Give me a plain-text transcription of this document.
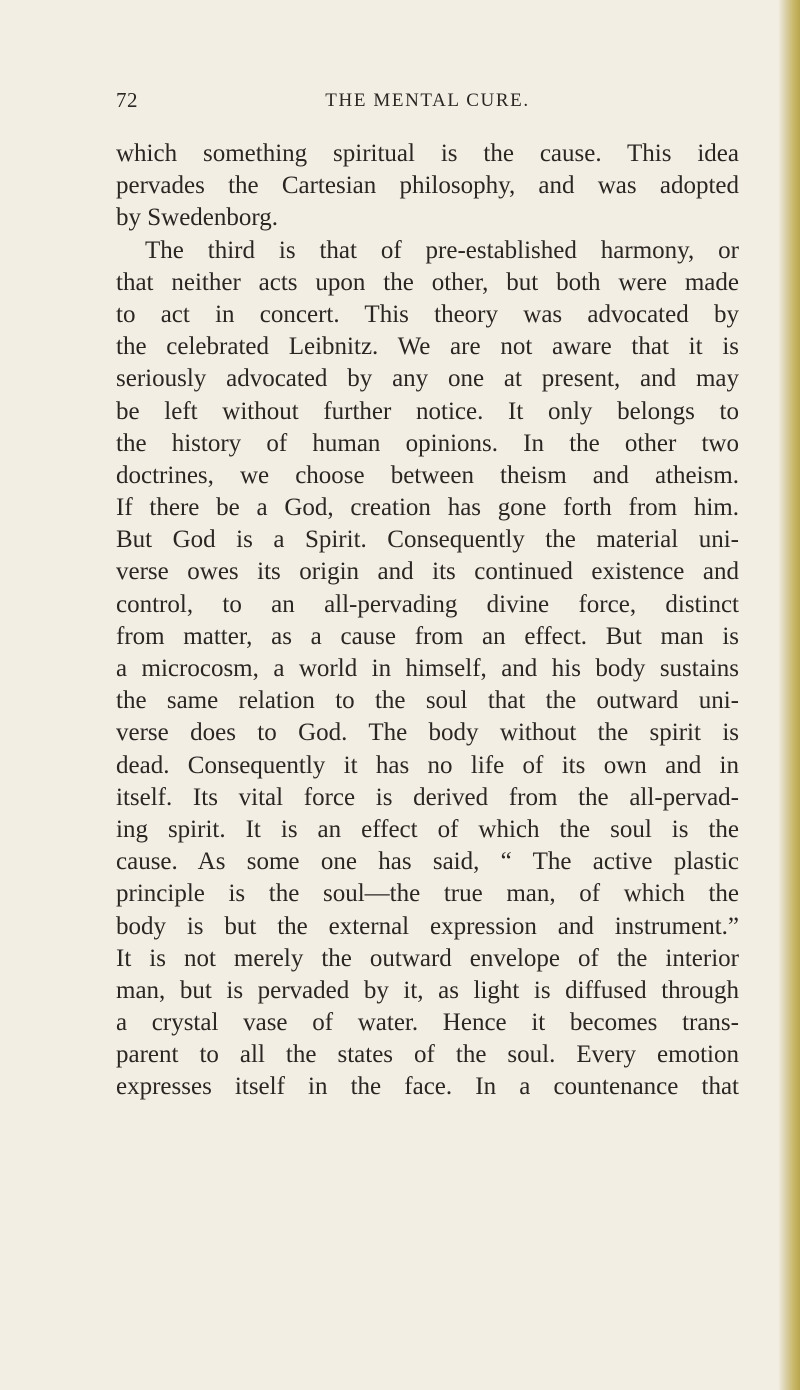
72	THE MENTAL CURE.
which something spiritual is the cause. This idea
pervades the Cartesian philosophy, and was adopted
by Swedenborg.
The third is that of pre-established harmony, or
that neither acts upon the other, but both were made
to act in concert. This theory was advocated by
the celebrated Leibnitz. We are not aware that it is
seriously advocated by any one at present, and may
be left without further notice. It only belongs to
the history of human opinions. In the other two
doctrines, we choose between theism and atheism.
If there be a God, creation has gone forth from him.
But God is a Spirit. Consequently the material uni-
verse owes its origin and its continued existence and
control, to an all-pervading divine force, distinct
from matter, as a cause from an effect. But man is
a microcosm, a world in himself, and his body sustains
the same relation to the soul that the outward uni-
verse does to God. The body without the spirit is
dead. Consequently it has no life of its own and in
itself. Its vital force is derived from the all-pervad-
ing spirit. It is an effect of which the soul is the
cause. As some one has said, “ The active plastic
principle is the soul—the true man, of which the
body is but the external expression and instrument.”
It is not merely the outward envelope of the interior
man, but is pervaded by it, as light is diffused through
a crystal vase of water. Hence it becomes trans-
parent to all the states of the soul. Every emotion
expresses itself in the face. In a countenance that
